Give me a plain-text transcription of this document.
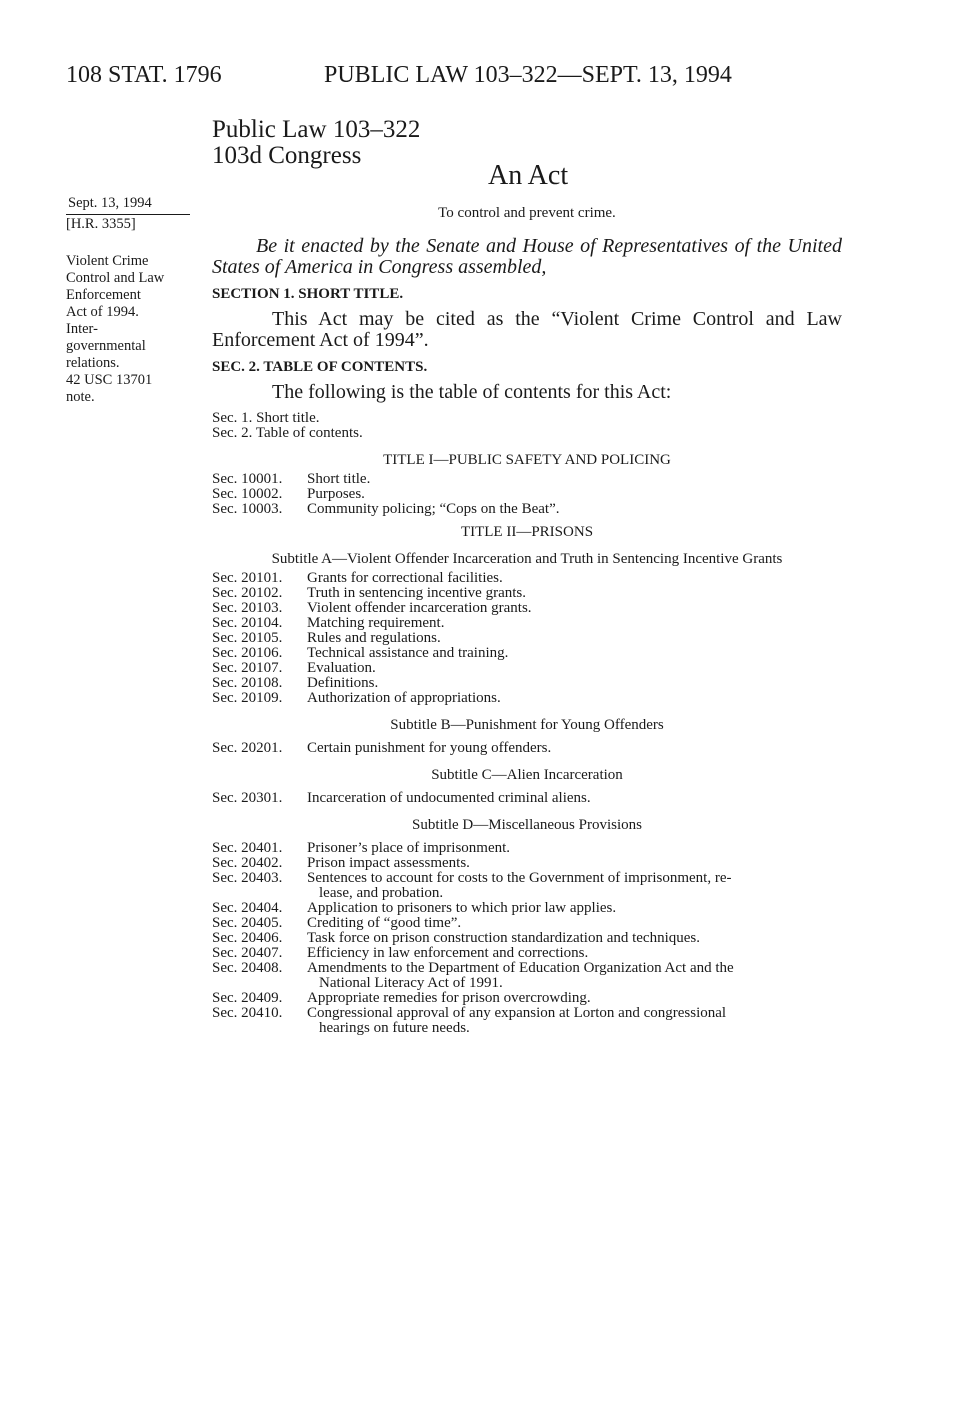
108 STAT. 1796	PUBLIC LAW 103–322—SEPT. 13, 1994
Public Law 103–322
103d Congress
An Act
To control and prevent crime.
Sept. 13, 1994
[H.R. 3355]
Violent Crime
Control and Law
Enforcement
Act of 1994.
Inter-
governmental
relations.
42 USC 13701
note.

Be it enacted by the Senate and House of Representatives of the United States of America in Congress assembled,

SECTION 1. SHORT TITLE.

This Act may be cited as the “Violent Crime Control and Law Enforcement Act of 1994”.

SEC. 2. TABLE OF CONTENTS.

The following is the table of contents for this Act:

Sec. 1. Short title.
Sec. 2. Table of contents.
TITLE I—PUBLIC SAFETY AND POLICING
Sec. 10001.	Short title.
Sec. 10002.	Purposes.
Sec. 10003.	Community policing; “Cops on the Beat”.
TITLE II—PRISONS
Subtitle A—Violent Offender Incarceration and Truth in Sentencing Incentive Grants
Sec. 20101.	Grants for correctional facilities.
Sec. 20102.	Truth in sentencing incentive grants.
Sec. 20103.	Violent offender incarceration grants.
Sec. 20104.	Matching requirement.
Sec. 20105.	Rules and regulations.
Sec. 20106.	Technical assistance and training.
Sec. 20107.	Evaluation.
Sec. 20108.	Definitions.
Sec. 20109.	Authorization of appropriations.
Subtitle B—Punishment for Young Offenders
Sec. 20201.	Certain punishment for young offenders.
Subtitle C—Alien Incarceration
Sec. 20301.	Incarceration of undocumented criminal aliens.
Subtitle D—Miscellaneous Provisions
Sec. 20401.	Prisoner’s place of imprisonment.
Sec. 20402.	Prison impact assessments.
Sec. 20403.	Sentences to account for costs to the Government of imprisonment, re-
lease, and probation.
Sec. 20404.	Application to prisoners to which prior law applies.
Sec. 20405.	Crediting of “good time”.
Sec. 20406.	Task force on prison construction standardization and techniques.
Sec. 20407.	Efficiency in law enforcement and corrections.
Sec. 20408.	Amendments to the Department of Education Organization Act and the
National Literacy Act of 1991.
Sec. 20409.	Appropriate remedies for prison overcrowding.
Sec. 20410.	Congressional approval of any expansion at Lorton and congressional
hearings on future needs.
